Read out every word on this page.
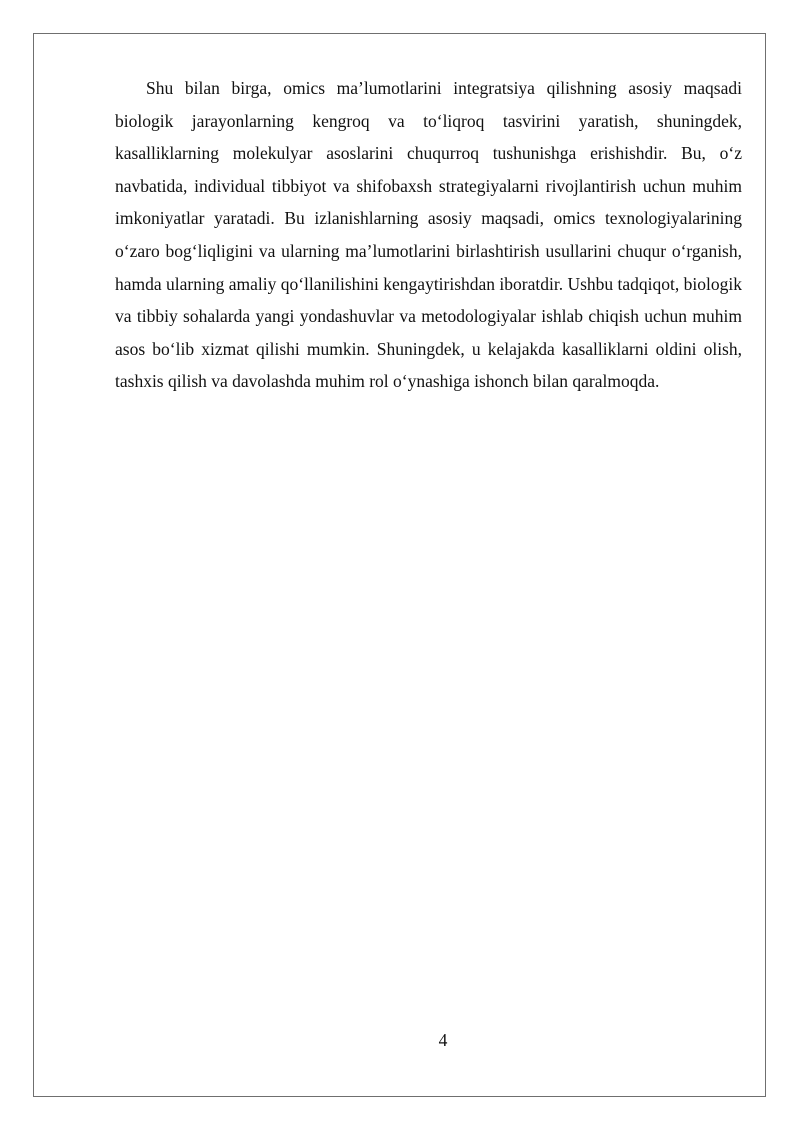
Shu bilan birga, omics ma’lumotlarini integratsiya qilishning asosiy maqsadi biologik jarayonlarning kengroq va to‘liqroq tasvirini yaratish, shuningdek, kasalliklarning molekulyar asoslarini chuqurroq tushunishga erishishdir. Bu, o‘z navbatida, individual tibbiyot va shifobaxsh strategiyalarni rivojlantirish uchun muhim imkoniyatlar yaratadi. Bu izlanishlarning asosiy maqsadi, omics texnologiyalarining o‘zaro bog‘liqligini va ularning ma’lumotlarini birlashtirish usullarini chuqur o‘rganish, hamda ularning amaliy qo‘llanilishini kengaytirishdan iboratdir. Ushbu tadqiqot, biologik va tibbiy sohalarda yangi yondashuvlar va metodologiyalar ishlab chiqish uchun muhim asos bo‘lib xizmat qilishi mumkin. Shuningdek, u kelajakda kasalliklarni oldini olish, tashxis qilish va davolashda muhim rol o‘ynashiga ishonch bilan qaralmoqda.

4
